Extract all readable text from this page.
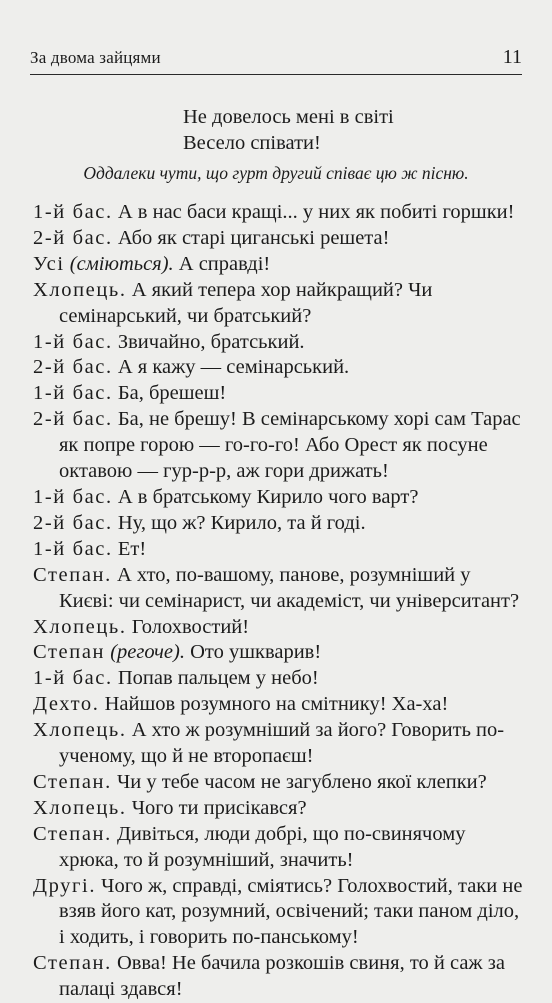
За двома зайцями	11
Не довелось мені в світі
Весело співати!
Оддалеки чути, що гурт другий співає цю ж пісню.

1-й бас. А в нас баси кращі... у них як побиті горшки!

2-й бас. Або як старі циганські решета!

Усі (сміються). А справді!

Хлопець. А який тепера хор найкращий? Чи семінарський, чи братський?

1-й бас. Звичайно, братський.

2-й бас. А я кажу — семінарський.

1-й бас. Ба, брешеш!

2-й бас. Ба, не брешу! В семінарському хорі сам Тарас як попре горою — го-го-го! Або Орест як посуне октавою — гур-р-р, аж гори дрижать!

1-й бас. А в братському Кирило чого варт?

2-й бас. Ну, що ж? Кирило, та й годі.

1-й бас. Ет!

Степан. А хто, по-вашому, панове, розумніший у Києві: чи семінарист, чи академіст, чи університант?

Хлопець. Голохвостий!

Степан (регоче). Ото ушкварив!

1-й бас. Попав пальцем у небо!

Дехто. Найшов розумного на смітнику! Ха-ха!

Хлопець. А хто ж розумніший за його? Говорить по-ученому, що й не второпаєш!

Степан. Чи у тебе часом не загублено якої клепки?

Хлопець. Чого ти присікався?

Степан. Дивіться, люди добрі, що по-свинячому хрюка, то й розумніший, значить!

Другі. Чого ж, справді, сміятись? Голохвостий, таки не взяв його кат, розумний, освічений; таки паном діло, і ходить, і говорить по-панському!

Степан. Овва! Не бачила розкошів свиня, то й саж за палаці здався!
